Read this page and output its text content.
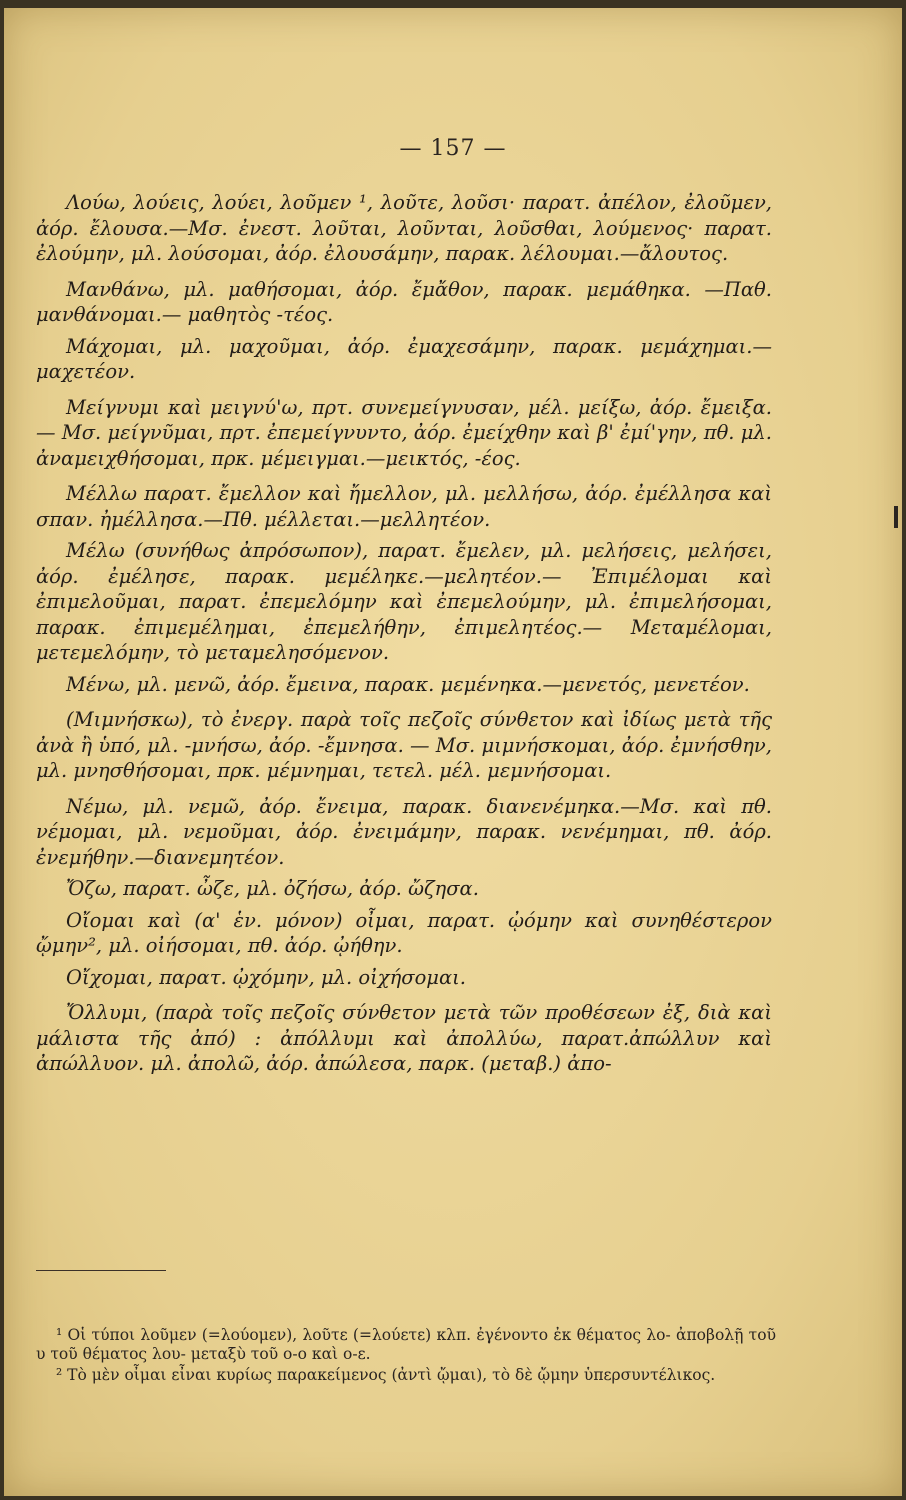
— 157 —

Λούω, λούεις, λούει, λοῦμεν ¹, λοῦτε, λοῦσι· παρατ. ἀπέλον, ἐλοῦμεν, ἀόρ. ἔλουσα.—Μσ. ἐνεστ. λοῦται, λοῦνται, λοῦσθαι, λούμενος· παρατ. ἐλούμην, μλ. λούσομαι, ἀόρ. ἐλουσάμην, παρακ. λέλουμαι.—ἄλουτος.

Μανθάνω, μλ. μαθήσομαι, ἀόρ. ἔμἄθον, παρακ. μεμάθηκα. —Παθ. μανθάνομαι.— μαθητὸς -τέος.

Μάχομαι, μλ. μαχοῦμαι, ἀόρ. ἐμαχεσάμην, παρακ. μεμάχημαι.— μαχετέον.

Μείγνυμι καὶ μειγνύ'ω, πρτ. συνεμείγνυσαν, μέλ. μείξω, ἀόρ. ἔμειξα.— Μσ. μείγνῦμαι, πρτ. ἐπεμείγνυντο, ἀόρ. ἐμείχθην καὶ β' ἐμί'γην, πθ. μλ. ἀναμειχθήσομαι, πρκ. μέμειγμαι.—μεικτός, -έος.

Μέλλω παρατ. ἔμελλον καὶ ἤμελλον, μλ. μελλήσω, ἀόρ. ἐμέλλησα καὶ σπαν. ἠμέλλησα.—Πθ. μέλλεται.—μελλητέον.

Μέλω (συνήθως ἀπρόσωπον), παρατ. ἔμελεν, μλ. μελήσεις, μελήσει, ἀόρ. ἐμέλησε, παρακ. μεμέληκε.—μελητέον.— Ἐπιμέλομαι καὶ ἐπιμελοῦμαι, παρατ. ἐπεμελόμην καὶ ἐπεμελούμην, μλ. ἐπιμελήσομαι, παρακ. ἐπιμεμέλημαι, ἐπεμελήθην, ἐπιμελητέος.— Μεταμέλομαι, μετεμελόμην, τὸ μεταμελησόμενον.

Μένω, μλ. μενῶ, ἀόρ. ἔμεινα, παρακ. μεμένηκα.—μενετός, μενετέον.

(Μιμνήσκω), τὸ ἐνεργ. παρὰ τοῖς πεζοῖς σύνθετον καὶ ἰδίως μετὰ τῆς ἀνὰ ἢ ὑπό, μλ. -μνήσω, ἀόρ. -ἔμνησα. — Μσ. μιμνήσκομαι, ἀόρ. ἐμνήσθην, μλ. μνησθήσομαι, πρκ. μέμνημαι, τετελ. μέλ. μεμνήσομαι.

Νέμω, μλ. νεμῶ, ἀόρ. ἔνειμα, παρακ. διανενέμηκα.—Μσ. καὶ πθ. νέμομαι, μλ. νεμοῦμαι, ἀόρ. ἐνειμάμην, παρακ. νενέμημαι, πθ. ἀόρ. ἐνεμήθην.—διανεμητέον.

Ὄζω, παρατ. ὦζε, μλ. ὀζήσω, ἀόρ. ὤζησα.

Οἴομαι καὶ (α' ἑν. μόνον) οἶμαι, παρατ. ᾠόμην καὶ συνηθέστερον ᾤμην², μλ. οἰήσομαι, πθ. ἀόρ. ᾠήθην.

Οἴχομαι, παρατ. ᾠχόμην, μλ. οἰχήσομαι.

Ὄλλυμι, (παρὰ τοῖς πεζοῖς σύνθετον μετὰ τῶν προθέσεων ἐξ, διὰ καὶ μάλιστα τῆς ἀπό) : ἀπόλλυμι καὶ ἀπολλύω, παρατ.ἀπώλλυν καὶ ἀπώλλυον. μλ. ἀπολῶ, ἀόρ. ἀπώλεσα, παρκ. (μεταβ.) ἀπο-

¹ Οἱ τύποι λοῦμεν (=λούομεν), λοῦτε (=λούετε) κλπ. ἐγένοντο ἐκ θέματος λο- ἀποβολῇ τοῦ υ τοῦ θέματος λου- μεταξὺ τοῦ ο-ο καὶ ο-ε.

² Τὸ μὲν οἶμαι εἶναι κυρίως παρακείμενος (ἀντὶ ᾤμαι), τὸ δὲ ᾤμην ὑπερσυντέλικος.
